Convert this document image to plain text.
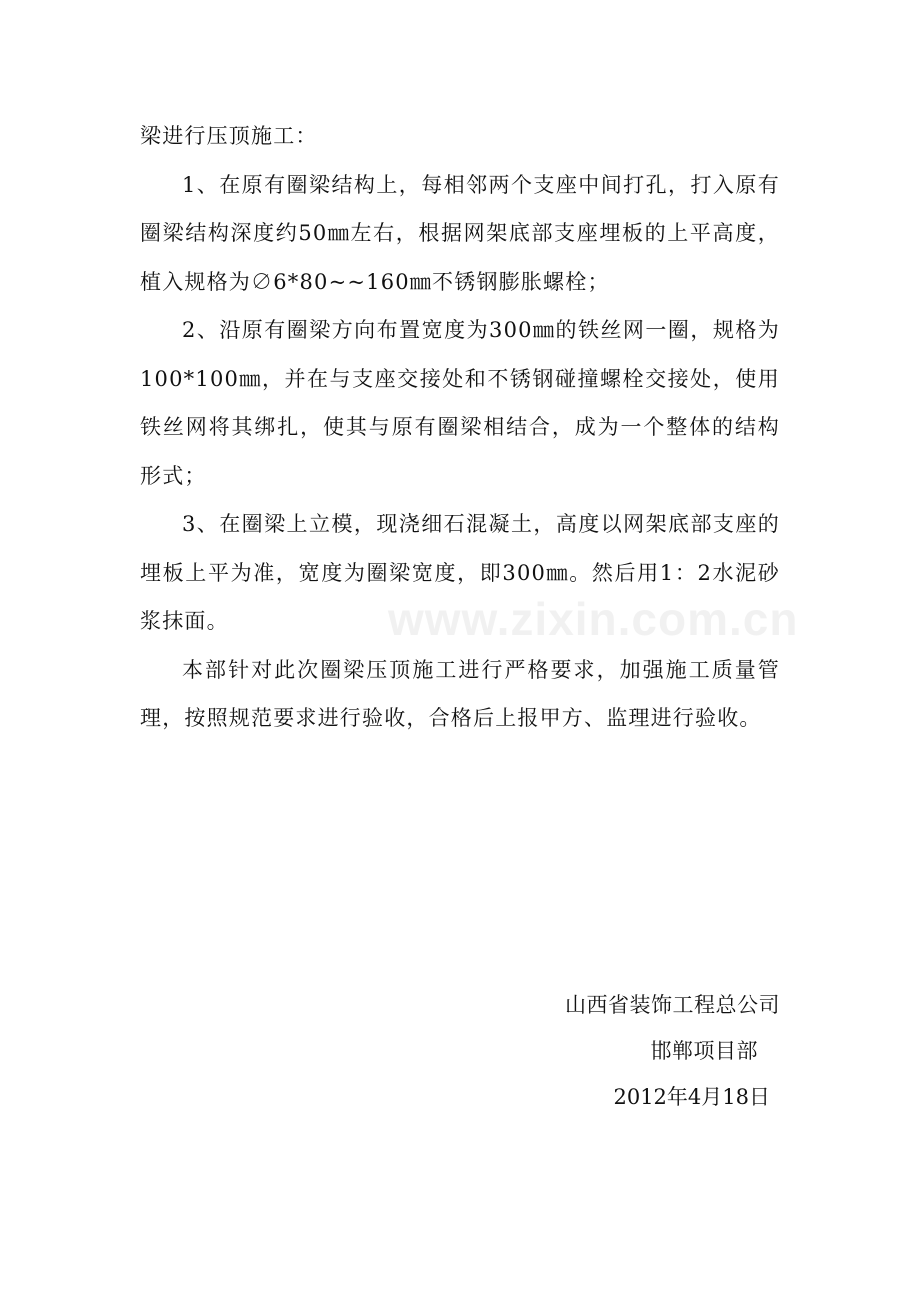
梁进行压顶施工：

1、在原有圈梁结构上，每相邻两个支座中间打孔，打入原有圈梁结构深度约50㎜左右，根据网架底部支座埋板的上平高度，植入规格为∅6*80~~160㎜不锈钢膨胀螺栓；

2、沿原有圈梁方向布置宽度为300㎜的铁丝网一圈，规格为100*100㎜，并在与支座交接处和不锈钢碰撞螺栓交接处，使用铁丝网将其绑扎，使其与原有圈梁相结合，成为一个整体的结构形式；

3、在圈梁上立模，现浇细石混凝土，高度以网架底部支座的埋板上平为准，宽度为圈梁宽度，即300㎜。然后用1：2水泥砂浆抹面。

本部针对此次圈梁压顶施工进行严格要求，加强施工质量管理，按照规范要求进行验收，合格后上报甲方、监理进行验收。

www.zixin.com.cn
山西省装饰工程总公司
邯郸项目部
2012年4月18日
